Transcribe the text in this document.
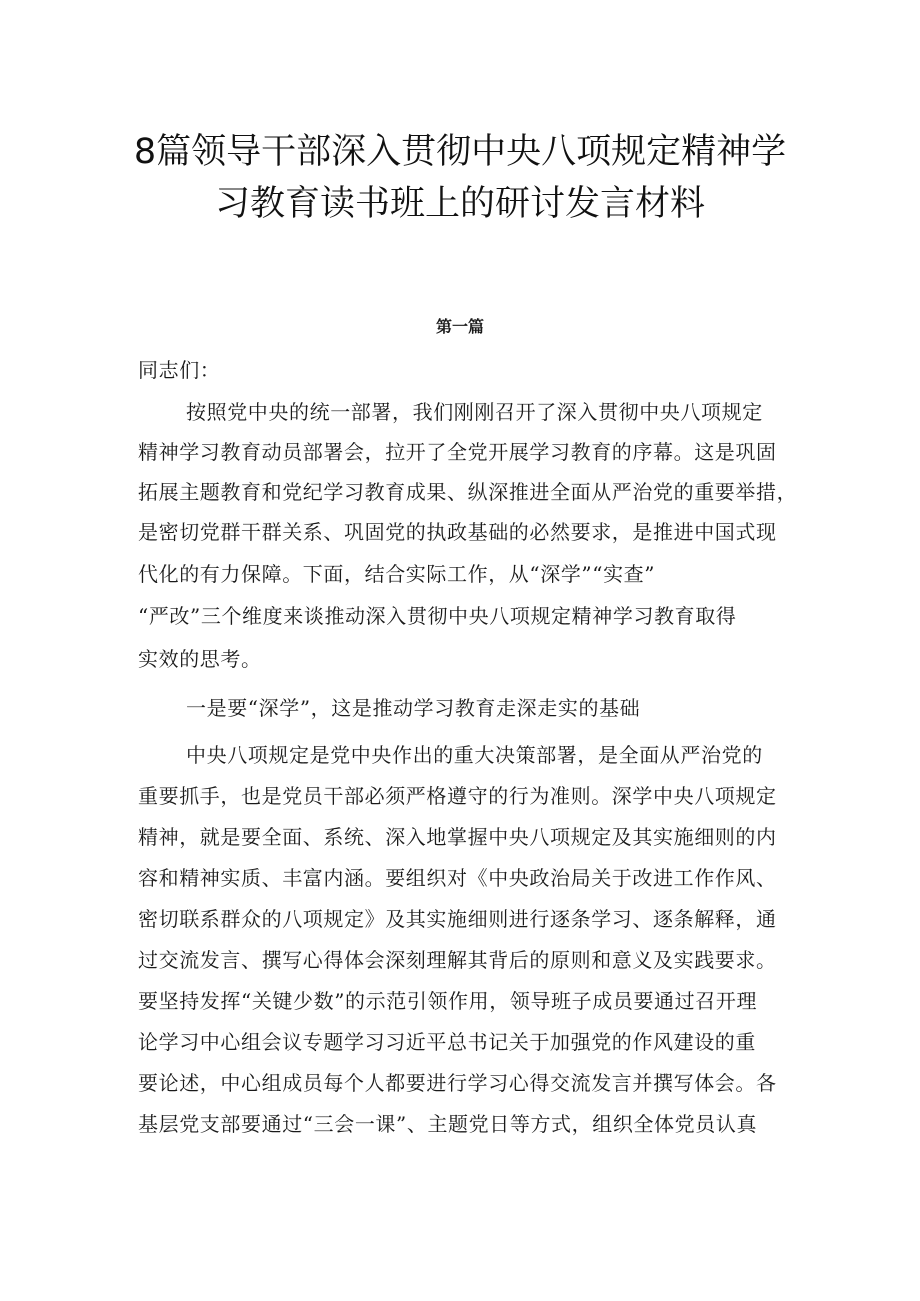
8篇领导干部深入贯彻中央八项规定精神学
习教育读书班上的研讨发言材料
第一篇
同志们：
按照党中央的统一部署，我们刚刚召开了深入贯彻中央八项规定
精神学习教育动员部署会，拉开了全党开展学习教育的序幕。这是巩固
拓展主题教育和党纪学习教育成果、纵深推进全面从严治党的重要举措，
是密切党群干群关系、巩固党的执政基础的必然要求，是推进中国式现
代化的有力保障。下面，结合实际工作，从“深学”“实查”
“严改”三个维度来谈推动深入贯彻中央八项规定精神学习教育取得
实效的思考。
一是要“深学”，这是推动学习教育走深走实的基础
中央八项规定是党中央作出的重大决策部署，是全面从严治党的
重要抓手，也是党员干部必须严格遵守的行为准则。深学中央八项规定
精神，就是要全面、系统、深入地掌握中央八项规定及其实施细则的内
容和精神实质、丰富内涵。要组织对《中央政治局关于改进工作作风、
密切联系群众的八项规定》及其实施细则进行逐条学习、逐条解释，通
过交流发言、撰写心得体会深刻理解其背后的原则和意义及实践要求。
要坚持发挥“关键少数”的示范引领作用，领导班子成员要通过召开理
论学习中心组会议专题学习习近平总书记关于加强党的作风建设的重
要论述，中心组成员每个人都要进行学习心得交流发言并撰写体会。各
基层党支部要通过“三会一课”、主题党日等方式，组织全体党员认真
